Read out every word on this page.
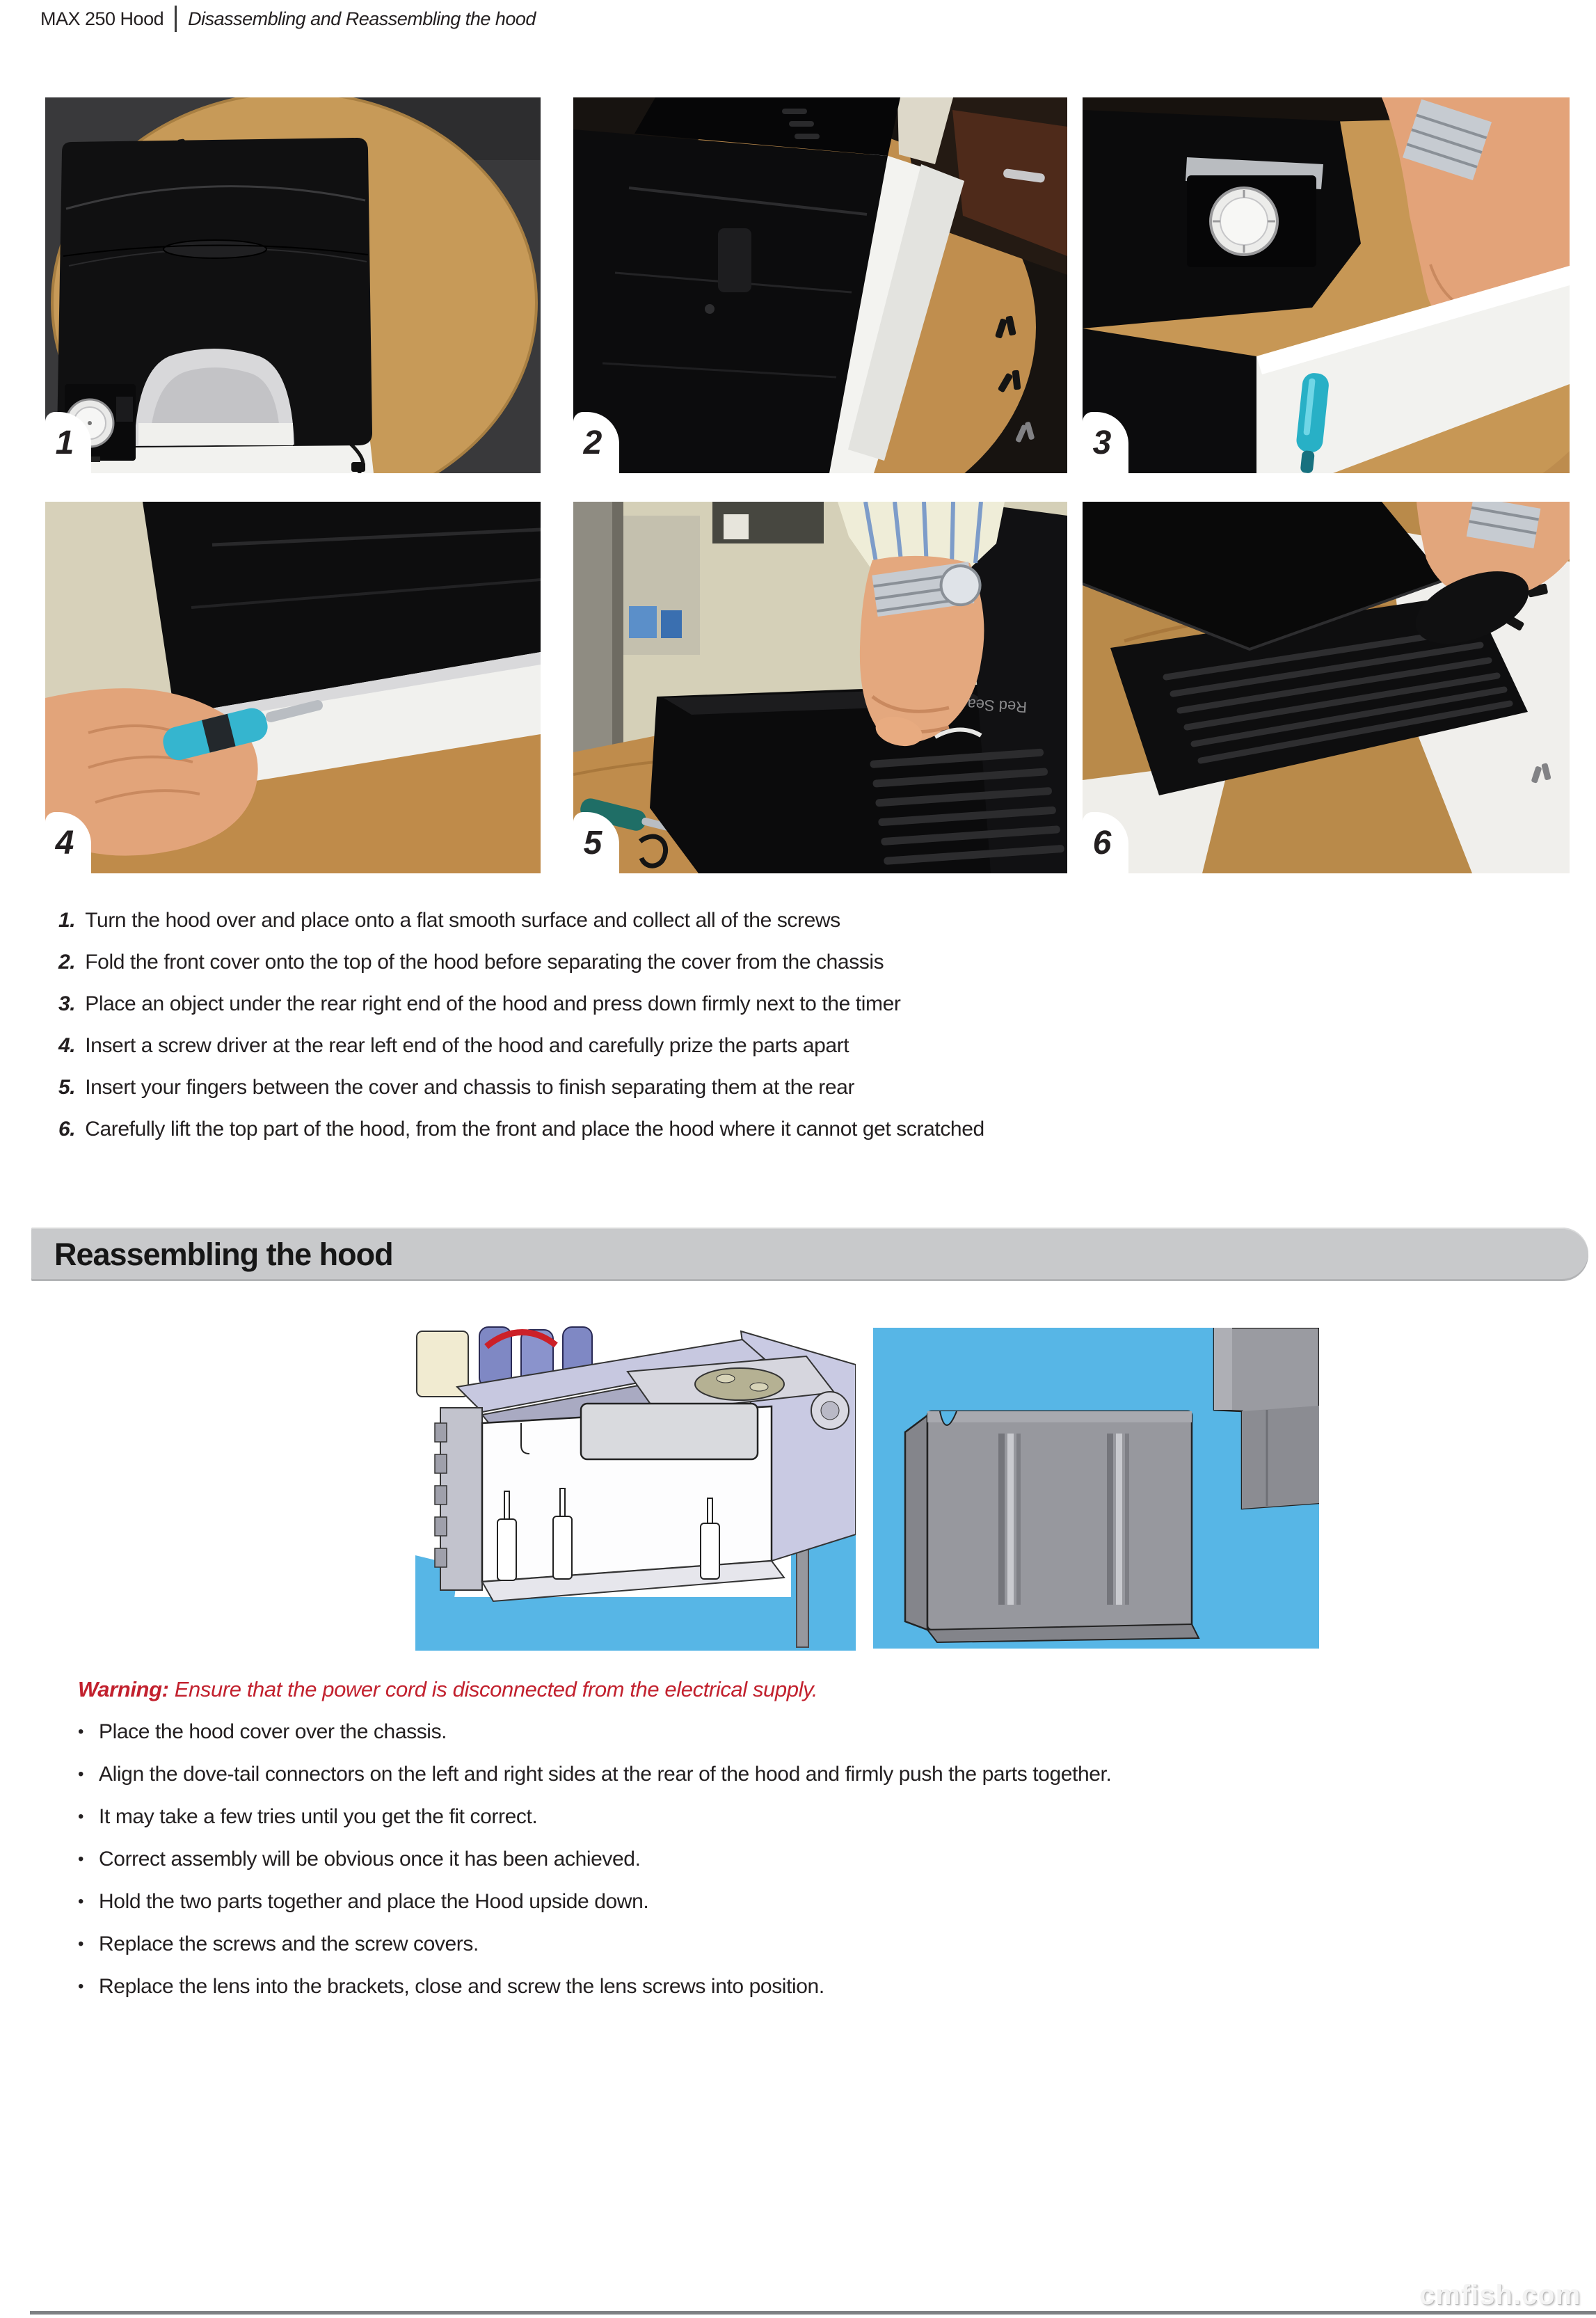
MAX 250 Hood Disassembling and Reassembling the hood
1	2	3
4
Red Sea
5	6
1. Turn the hood over and place onto a flat smooth surface and collect all of the screws
2. Fold the front cover onto the top of the hood before separating the cover from the chassis
3. Place an object under the rear right end of the hood and press down firmly next to the timer
4. Insert a screw driver at the rear left end of the hood and carefully prize the parts apart
5. Insert your fingers between the cover and chassis to finish separating them at the rear
6. Carefully lift the top part of the hood, from the front and place the hood where it cannot get scratched
Reassembling the hood
Warning: Ensure that the power cord is disconnected from the electrical supply.
• Place the hood cover over the chassis.
• Align the dove-tail connectors on the left and right sides at the rear of the hood and firmly push the parts together.
• It may take a few tries until you get the fit correct.
• Correct assembly will be obvious once it has been achieved.
• Hold the two parts together and place the Hood upside down.
• Replace the screws and the screw covers.
• Replace the lens into the brackets, close and screw the lens screws into position.
cmfish.com
